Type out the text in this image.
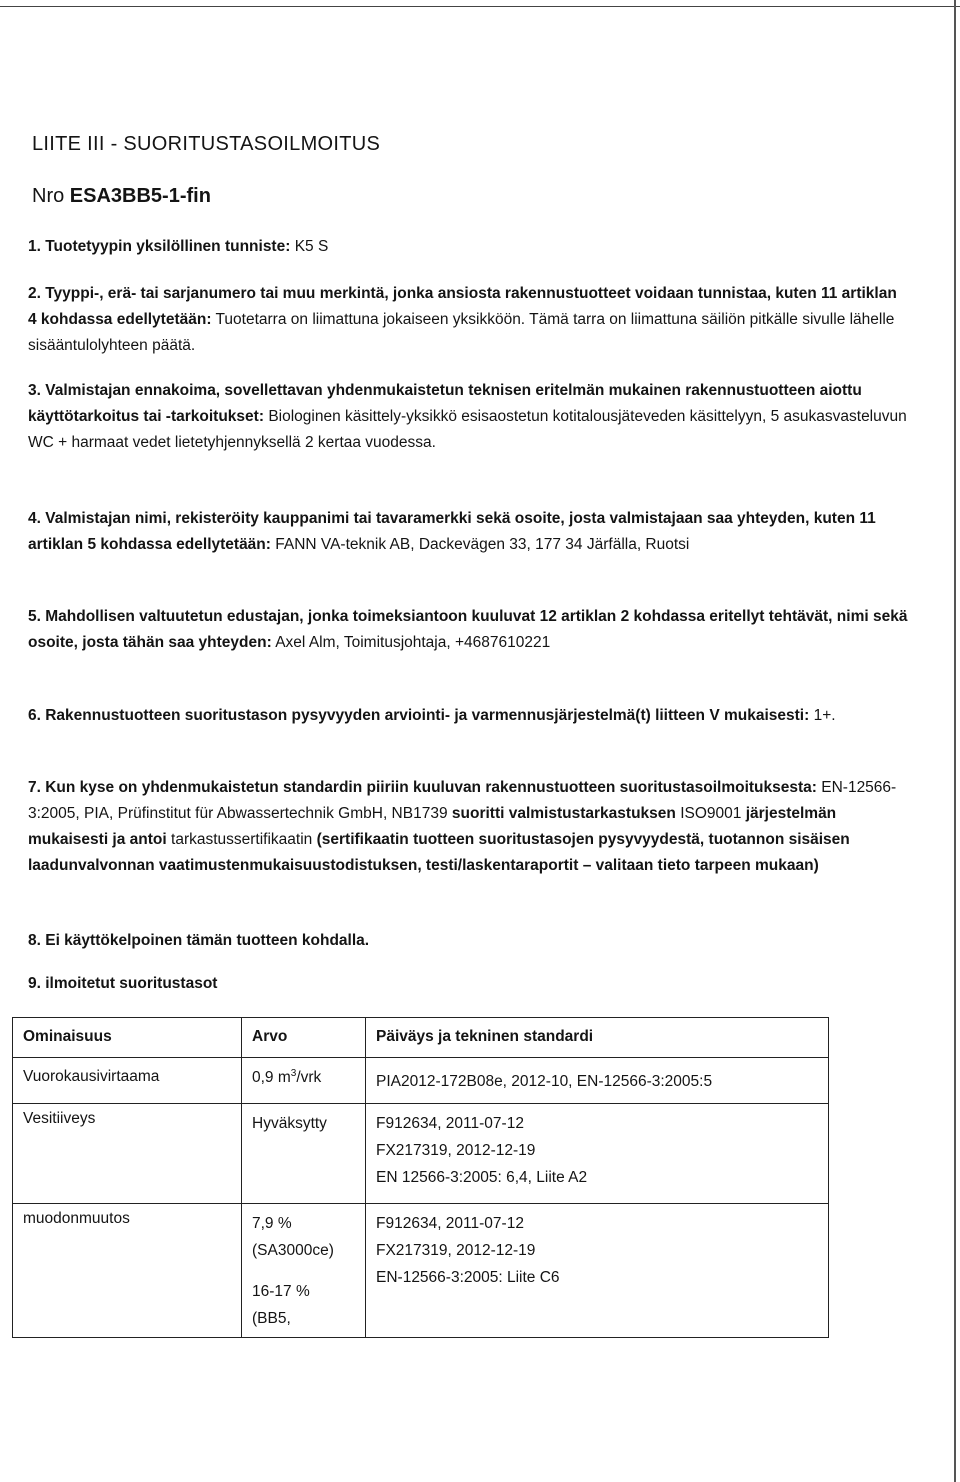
LIITE III - SUORITUSTASOILMOITUS
Nro ESA3BB5-1-fin
1. Tuotetyypin yksilöllinen tunniste: K5 S
2. Tyyppi-, erä- tai sarjanumero tai muu merkintä, jonka ansiosta rakennustuotteet voidaan tunnistaa, kuten 11 artiklan 4 kohdassa edellytetään: Tuotetarra on liimattuna jokaiseen yksikköön. Tämä tarra on liimattuna säiliön pitkälle sivulle lähelle sisääntulolyhteen päätä.
3. Valmistajan ennakoima, sovellettavan yhdenmukaistetun teknisen eritelmän mukainen rakennustuotteen aiottu käyttötarkoitus tai -tarkoitukset: Biologinen käsittely-yksikkö esisaostetun kotitalousjäteveden käsittelyyn, 5 asukasvasteluvun WC + harmaat vedet lietetyhjennyksellä 2 kertaa vuodessa.
4. Valmistajan nimi, rekisteröity kauppanimi tai tavaramerkki sekä osoite, josta valmistajaan saa yhteyden, kuten 11 artiklan 5 kohdassa edellytetään: FANN VA-teknik AB, Dackevägen 33, 177 34 Järfälla, Ruotsi
5. Mahdollisen valtuutetun edustajan, jonka toimeksiantoon kuuluvat 12 artiklan 2 kohdassa eritellyt tehtävät, nimi sekä osoite, josta tähän saa yhteyden: Axel Alm, Toimitusjohtaja, +4687610221
6. Rakennustuotteen suoritustason pysyvyyden arviointi- ja varmennusjärjestelmä(t) liitteen V mukaisesti: 1+.
7. Kun kyse on yhdenmukaistetun standardin piiriin kuuluvan rakennustuotteen suoritustasoilmoituksesta: EN-12566-3:2005, PIA, Prüfinstitut für Abwassertechnik GmbH, NB1739 suoritti valmistustarkastuksen ISO9001 järjestelmän mukaisesti ja antoi tarkastussertifikaatin (sertifikaatin tuotteen suoritustasojen pysyvyydestä, tuotannon sisäisen laadunvalvonnan vaatimustenmukaisuustodistuksen, testi/laskentaraportit – valitaan tieto tarpeen mukaan)
8. Ei käyttökelpoinen tämän tuotteen kohdalla.
9. ilmoitetut suoritustasot
Ominaisuus	Arvo	Päiväys ja tekninen standardi
Vuorokausivirtaama	0,9 $m^3$/vrk	PIA2012-172B08e, 2012-10, EN-12566-3:2005:5

Vesitiiveys	Hyväksytty	F912634, 2011-07-12
FX217319, 2012-12-19
EN 12566-3:2005: 6,4, Liite A2

muodonmuutos	7,9 %
(SA3000ce)
16-17 %
(BB5,	F912634, 2011-07-12
FX217319, 2012-12-19
EN-12566-3:2005: Liite C6
